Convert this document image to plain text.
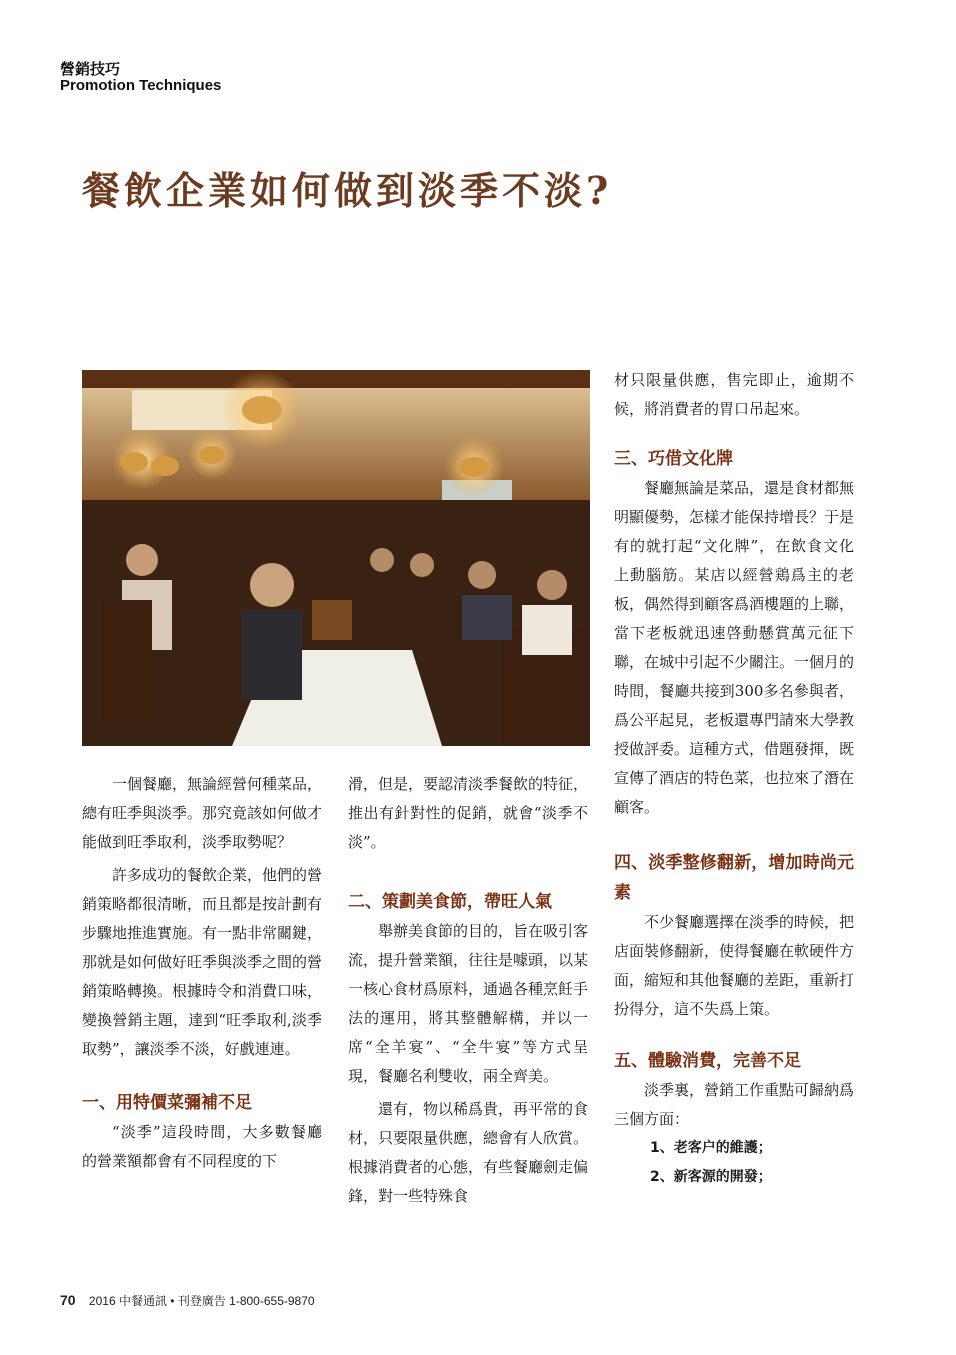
營銷技巧
Promotion Techniques
餐飲企業如何做到淡季不淡?

一個餐廳，無論經營何種菜品，總有旺季與淡季。那究竟該如何做才能做到旺季取利，淡季取勢呢？

許多成功的餐飲企業，他們的營銷策略都很清晰，而且都是按計劃有步驟地推進實施。有一點非常關鍵，那就是如何做好旺季與淡季之間的營銷策略轉換。根據時令和消費口味，變換營銷主題，達到“旺季取利,淡季取勢”，讓淡季不淡，好戲連連。

一、用特價菜彌補不足

“淡季”這段時間，大多數餐廳的營業額都會有不同程度的下

滑，但是，要認清淡季餐飲的特征，推出有針對性的促銷，就會“淡季不淡”。

二、策劃美食節，帶旺人氣

舉辦美食節的目的，旨在吸引客流，提升營業額，往往是噱頭，以某一核心食材爲原料，通過各種烹飪手法的運用，將其整體解構，并以一席“全羊宴”、“全牛宴”等方式呈現，餐廳名利雙收，兩全齊美。

還有，物以稀爲貴，再平常的食材，只要限量供應，總會有人欣賞。根據消費者的心態，有些餐廳劍走偏鋒，對一些特殊食

材只限量供應，售完即止，逾期不候，將消費者的胃口吊起來。

三、巧借文化牌

餐廳無論是菜品，還是食材都無明顯優勢，怎樣才能保持增長？于是有的就打起“文化牌”，在飲食文化上動腦筋。某店以經營鶏爲主的老板，偶然得到顧客爲酒樓題的上聯，當下老板就迅速啓動懸賞萬元征下聯，在城中引起不少關注。一個月的時間，餐廳共接到300多名參與者，爲公平起見，老板還專門請來大學教授做評委。這種方式，借題發揮，既宣傳了酒店的特色菜，也拉來了潛在顧客。

四、淡季整修翻新，增加時尚元素

不少餐廳選擇在淡季的時候，把店面裝修翻新，使得餐廳在軟硬件方面，縮短和其他餐廳的差距，重新打扮得分，這不失爲上策。

五、體驗消費，完善不足

淡季裏，營銷工作重點可歸納爲三個方面：

1、老客户的維護；

2、新客源的開發；

70 2016 中餐通訊 • 刊登廣告 1-800-655-9870
